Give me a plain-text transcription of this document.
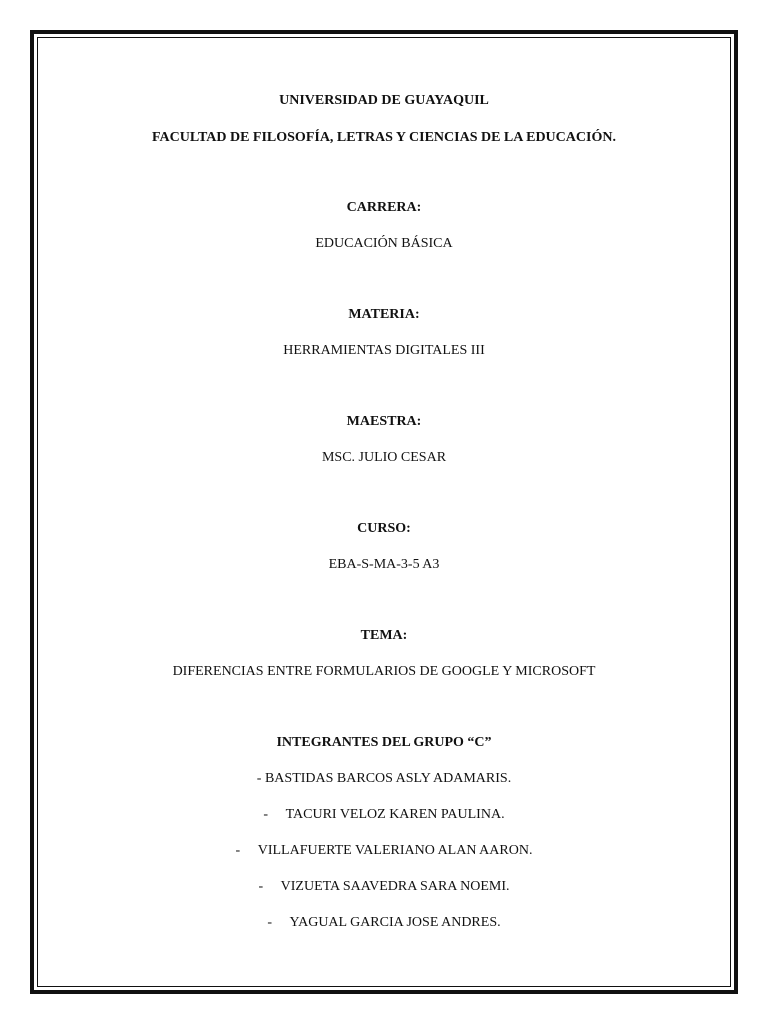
UNIVERSIDAD DE GUAYAQUIL
FACULTAD DE FILOSOFÍA, LETRAS Y CIENCIAS DE LA EDUCACIÓN.
CARRERA:
EDUCACIÓN BÁSICA
MATERIA:
HERRAMIENTAS DIGITALES III
MAESTRA:
MSC. JULIO CESAR
CURSO:
EBA-S-MA-3-5 A3
TEMA:
DIFERENCIAS ENTRE FORMULARIOS DE GOOGLE Y MICROSOFT
INTEGRANTES DEL GRUPO “C”
- BASTIDAS BARCOS ASLY ADAMARIS.
-     TACURI VELOZ KAREN PAULINA.
-     VILLAFUERTE VALERIANO ALAN AARON.
-     VIZUETA SAAVEDRA SARA NOEMI.
-     YAGUAL GARCIA JOSE ANDRES.
